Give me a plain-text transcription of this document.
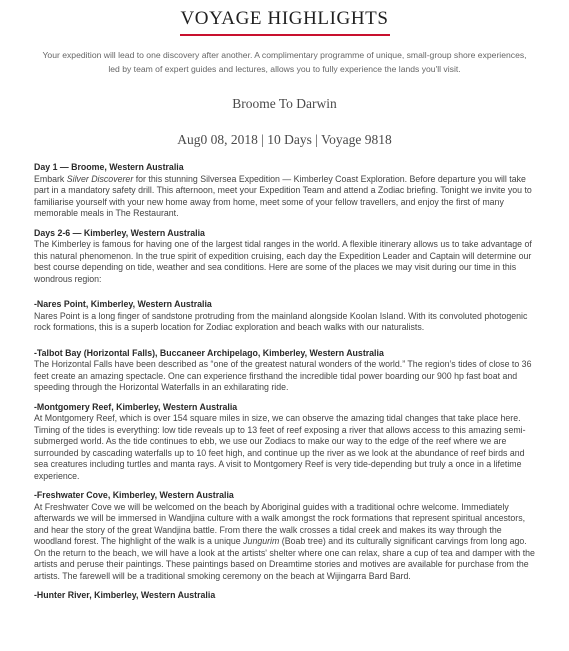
VOYAGE HIGHLIGHTS
Your expedition will lead to one discovery after another. A complimentary programme of unique, small-group shore experiences, led by team of expert guides and lectures, allows you to fully experience the lands you'll visit.
Broome To Darwin
Aug0 08, 2018 | 10 Days | Voyage 9818
Day 1 — Broome, Western Australia
Embark Silver Discoverer for this stunning Silversea Expedition — Kimberley Coast Exploration. Before departure you will take part in a mandatory safety drill. This afternoon, meet your Expedition Team and attend a Zodiac briefing. Tonight we invite you to familiarise yourself with your new home away from home, meet some of your fellow travellers, and enjoy the first of many memorable meals in The Restaurant.
Days 2-6 — Kimberley, Western Australia
The Kimberley is famous for having one of the largest tidal ranges in the world. A flexible itinerary allows us to take advantage of this natural phenomenon. In the true spirit of expedition cruising, each day the Expedition Leader and Captain will determine our best course depending on tide, weather and sea conditions. Here are some of the places we may visit during our time in this wondrous region:
-Nares Point, Kimberley, Western Australia
Nares Point is a long finger of sandstone protruding from the mainland alongside Koolan Island. With its convoluted photogenic rock formations, this is a superb location for Zodiac exploration and beach walks with our naturalists.
-Talbot Bay (Horizontal Falls), Buccaneer Archipelago, Kimberley, Western Australia
The Horizontal Falls have been described as “one of the greatest natural wonders of the world.” The region’s tides of close to 36 feet create an amazing spectacle. One can experience firsthand the incredible tidal power boarding our 900 hp fast boat and speeding through the Horizontal Waterfalls in an exhilarating ride.
-Montgomery Reef, Kimberley, Western Australia
At Montgomery Reef, which is over 154 square miles in size, we can observe the amazing tidal changes that take place here. Timing of the tides is everything: low tide reveals up to 13 feet of reef exposing a river that allows access to this amazing semi-submerged world. As the tide continues to ebb, we use our Zodiacs to make our way to the edge of the reef where we are surrounded by cascading waterfalls up to 10 feet high, and continue up the river as we look at the abundance of reef birds and sea creatures including turtles and manta rays. A visit to Montgomery Reef is very tide-depending but truly a once in a lifetime experience.
-Freshwater Cove, Kimberley, Western Australia
At Freshwater Cove we will be welcomed on the beach by Aboriginal guides with a traditional ochre welcome. Immediately afterwards we will be immersed in Wandjina culture with a walk amongst the rock formations that represent spiritual ancestors, and hear the story of the great Wandjina battle. From there the walk crosses a tidal creek and makes its way through the woodland forest. The highlight of the walk is a unique Jungurim (Boab tree) and its culturally significant carvings from long ago. On the return to the beach, we will have a look at the artists' shelter where one can relax, share a cup of tea and damper with the artists and peruse their paintings. These paintings based on Dreamtime stories and motives are available for purchase from the artists. The farewell will be a traditional smoking ceremony on the beach at Wijingarra Bard Bard.
-Hunter River, Kimberley, Western Australia
